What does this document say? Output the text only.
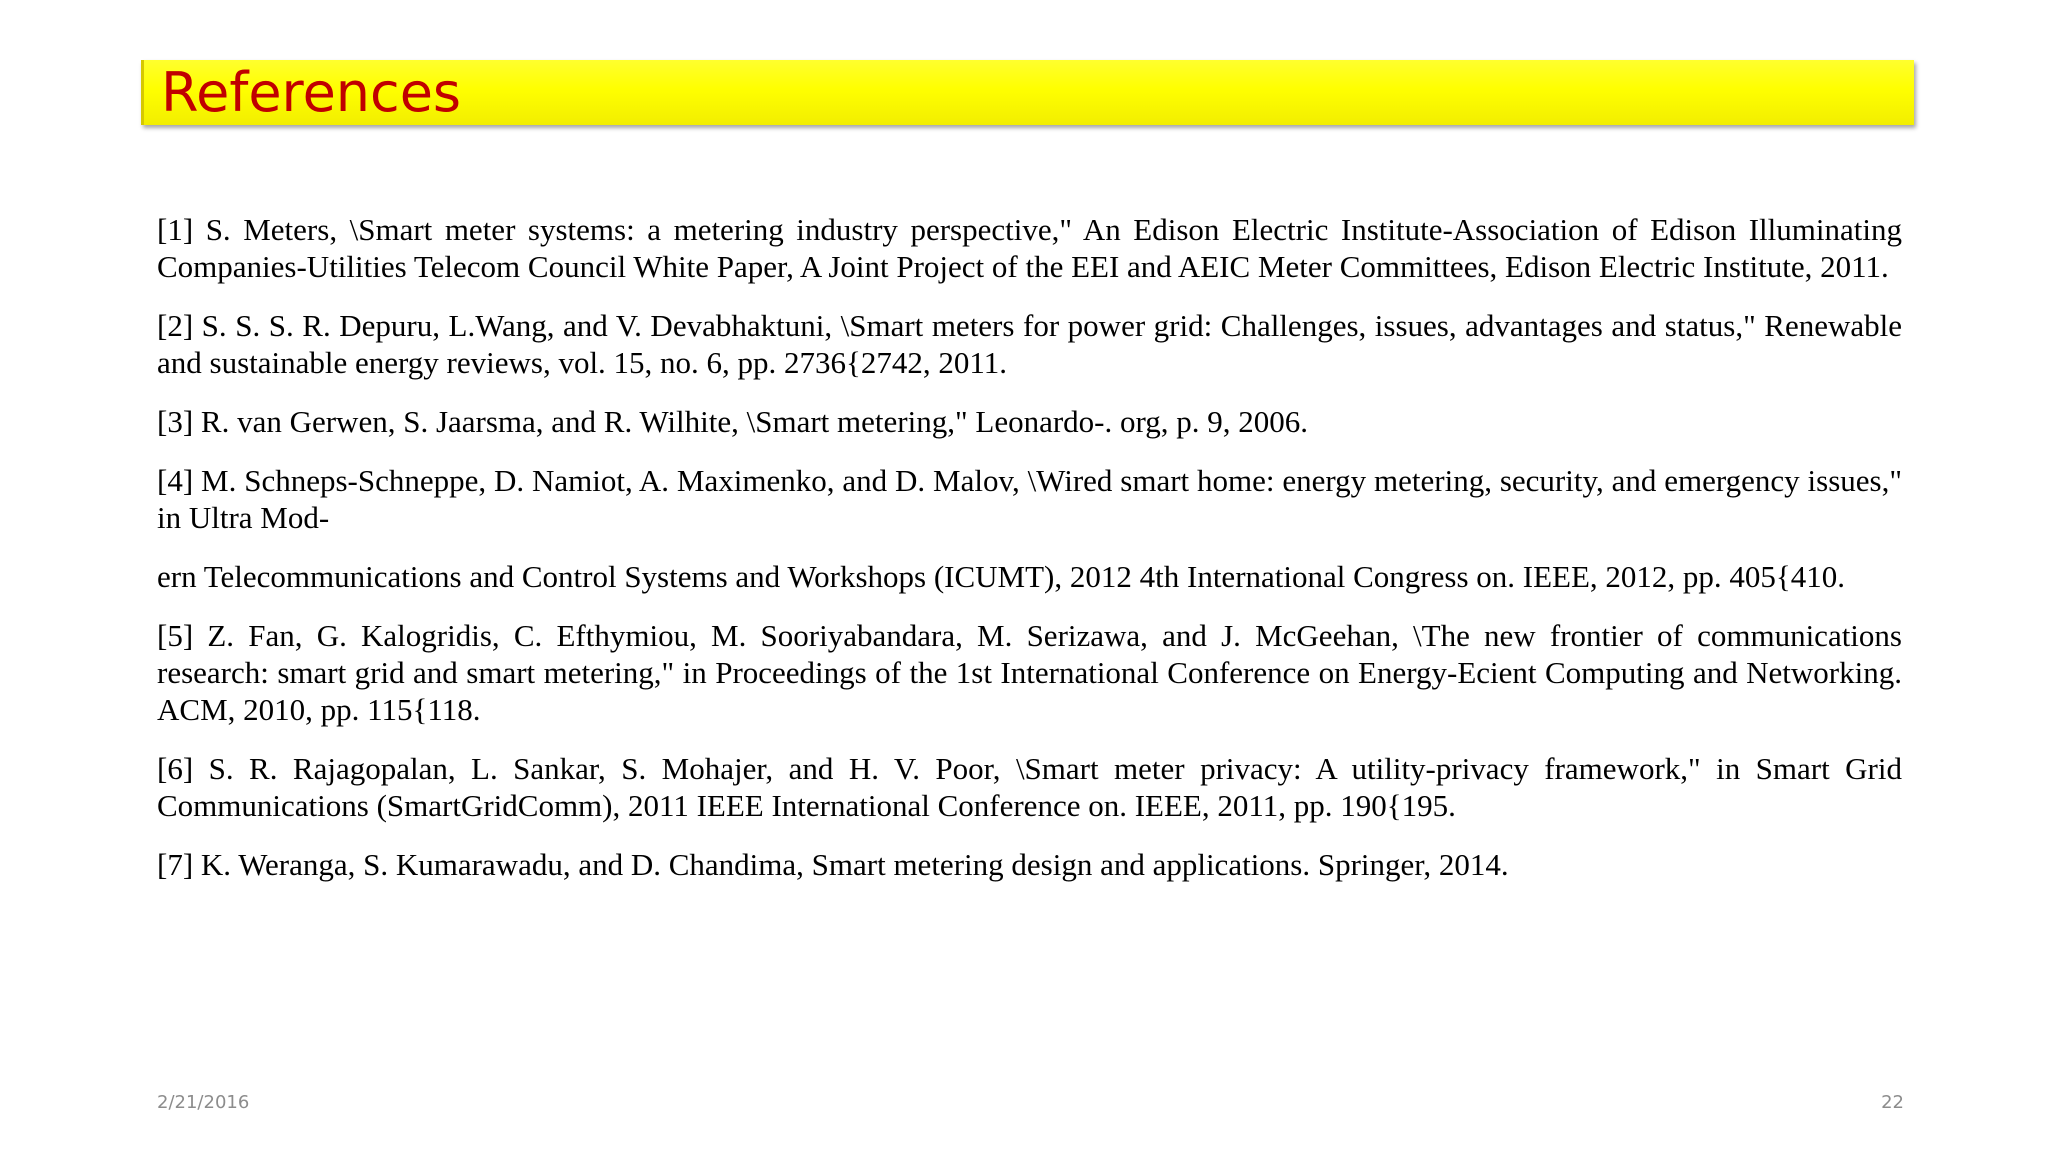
References

[1] S. Meters, \Smart meter systems: a metering industry perspective," An Edison Electric Institute-Association of Edison Illuminating Companies-Utilities Telecom Council White Paper, A Joint Project of the EEI and AEIC Meter Committees, Edison Electric Institute, 2011.

[2] S. S. S. R. Depuru, L.Wang, and V. Devabhaktuni, \Smart meters for power grid: Challenges, issues, advantages and status," Renewable and sustainable energy reviews, vol. 15, no. 6, pp. 2736{2742, 2011.

[3] R. van Gerwen, S. Jaarsma, and R. Wilhite, \Smart metering," Leonardo-. org, p. 9, 2006.

[4] M. Schneps-Schneppe, D. Namiot, A. Maximenko, and D. Malov, \Wired smart home: energy metering, security, and emergency issues," in Ultra Mod-

ern Telecommunications and Control Systems and Workshops (ICUMT), 2012 4th International Congress on. IEEE, 2012, pp. 405{410.

[5] Z. Fan, G. Kalogridis, C. Efthymiou, M. Sooriyabandara, M. Serizawa, and J. McGeehan, \The new frontier of communications research: smart grid and smart metering," in Proceedings of the 1st International Conference on Energy-Ecient Computing and Networking. ACM, 2010, pp. 115{118.

[6] S. R. Rajagopalan, L. Sankar, S. Mohajer, and H. V. Poor, \Smart meter privacy: A utility-privacy framework," in Smart Grid Communications (SmartGridComm), 2011 IEEE International Conference on. IEEE, 2011, pp. 190{195.

[7] K. Weranga, S. Kumarawadu, and D. Chandima, Smart metering design and applications. Springer, 2014.

2/21/2016	22
